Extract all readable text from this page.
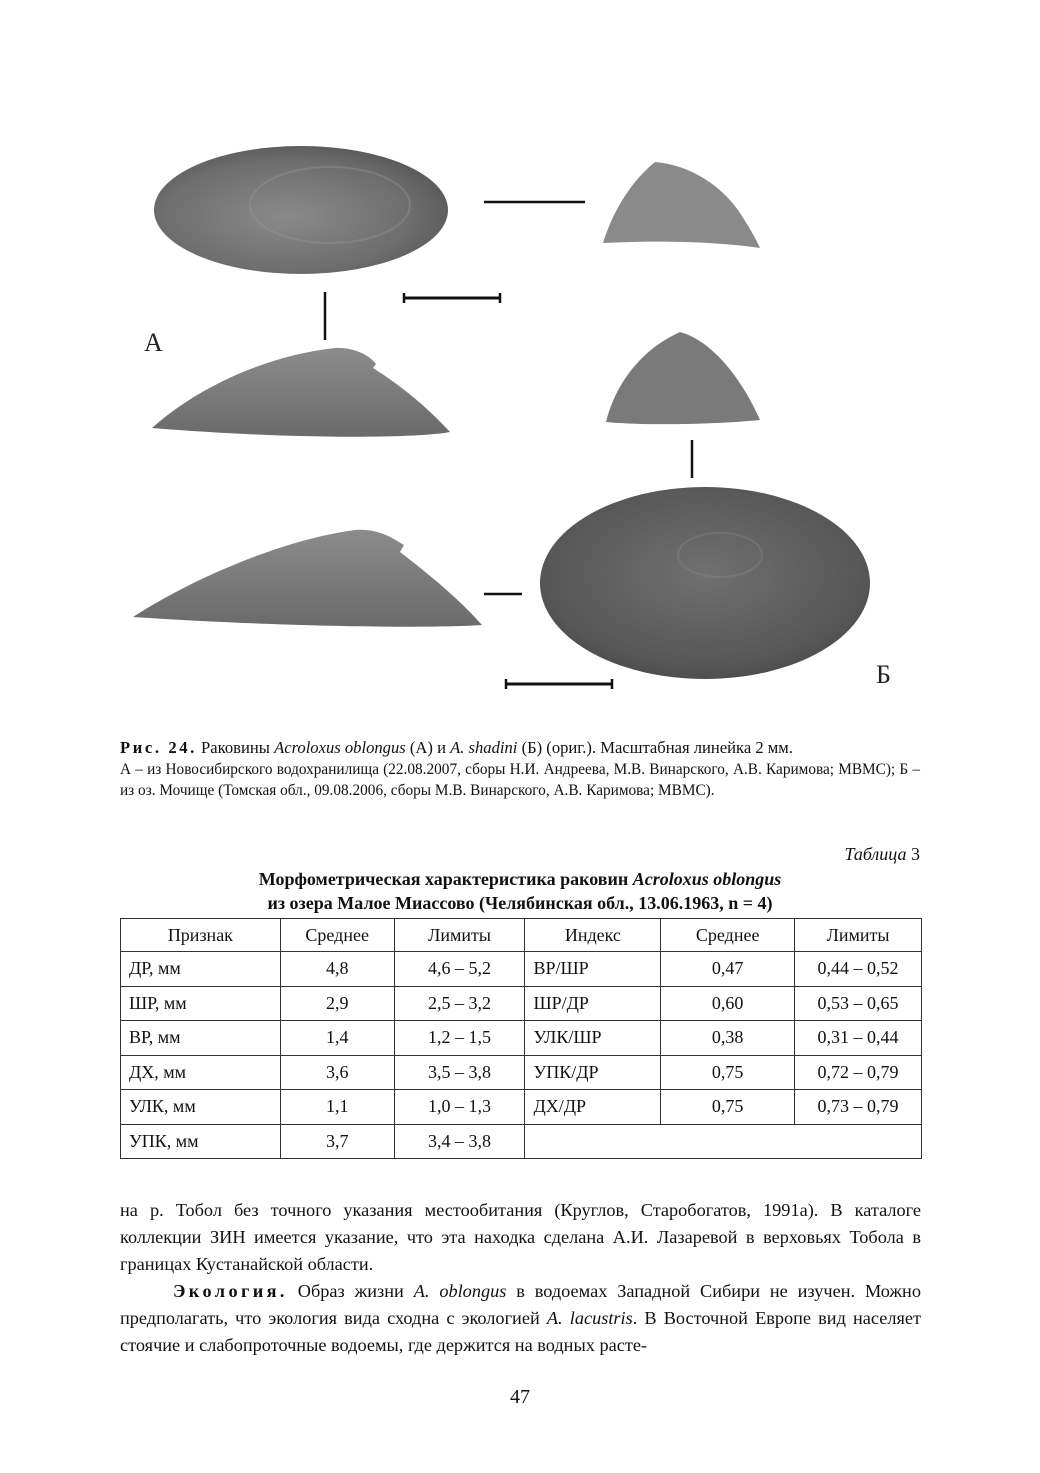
А
Б
Рис. 24. Раковины Acroloxus oblongus (А) и A. shadini (Б) (ориг.). Масштабная линейка 2 мм.
А – из Новосибирского водохранилища (22.08.2007, сборы Н.И. Андреева, М.В. Винарского, А.В. Каримова; МВМС); Б – из оз. Мочище (Томская обл., 09.08.2006, сборы М.В. Винарского, А.В. Каримова; МВМС).
Таблица 3
Морфометрическая характеристика раковин Acroloxus oblongus
из озера Малое Миассово (Челябинская обл., 13.06.1963, n = 4)
Признак	Среднее	Лимиты	Индекс	Среднее	Лимиты
ДР, мм	4,8	4,6 – 5,2	ВР/ШР	0,47	0,44 – 0,52
ШР, мм	2,9	2,5 – 3,2	ШР/ДР	0,60	0,53 – 0,65
ВР, мм	1,4	1,2 – 1,5	УЛК/ШР	0,38	0,31 – 0,44
ДХ, мм	3,6	3,5 – 3,8	УПК/ДР	0,75	0,72 – 0,79
УЛК, мм	1,1	1,0 – 1,3	ДХ/ДР	0,75	0,73 – 0,79
УПК, мм	3,7	3,4 – 3,8			

на р. Тобол без точного указания местообитания (Круглов, Старобогатов, 1991а). В каталоге коллекции ЗИН имеется указание, что эта находка сделана А.И. Лазаревой в верховьях Тобола в границах Кустанайской области.

Экология. Образ жизни A. oblongus в водоемах Западной Сибири не изучен. Можно предполагать, что экология вида сходна с экологией A. lacustris. В Восточной Европе вид населяет стоячие и слабопроточные водоемы, где держится на водных расте-

47
